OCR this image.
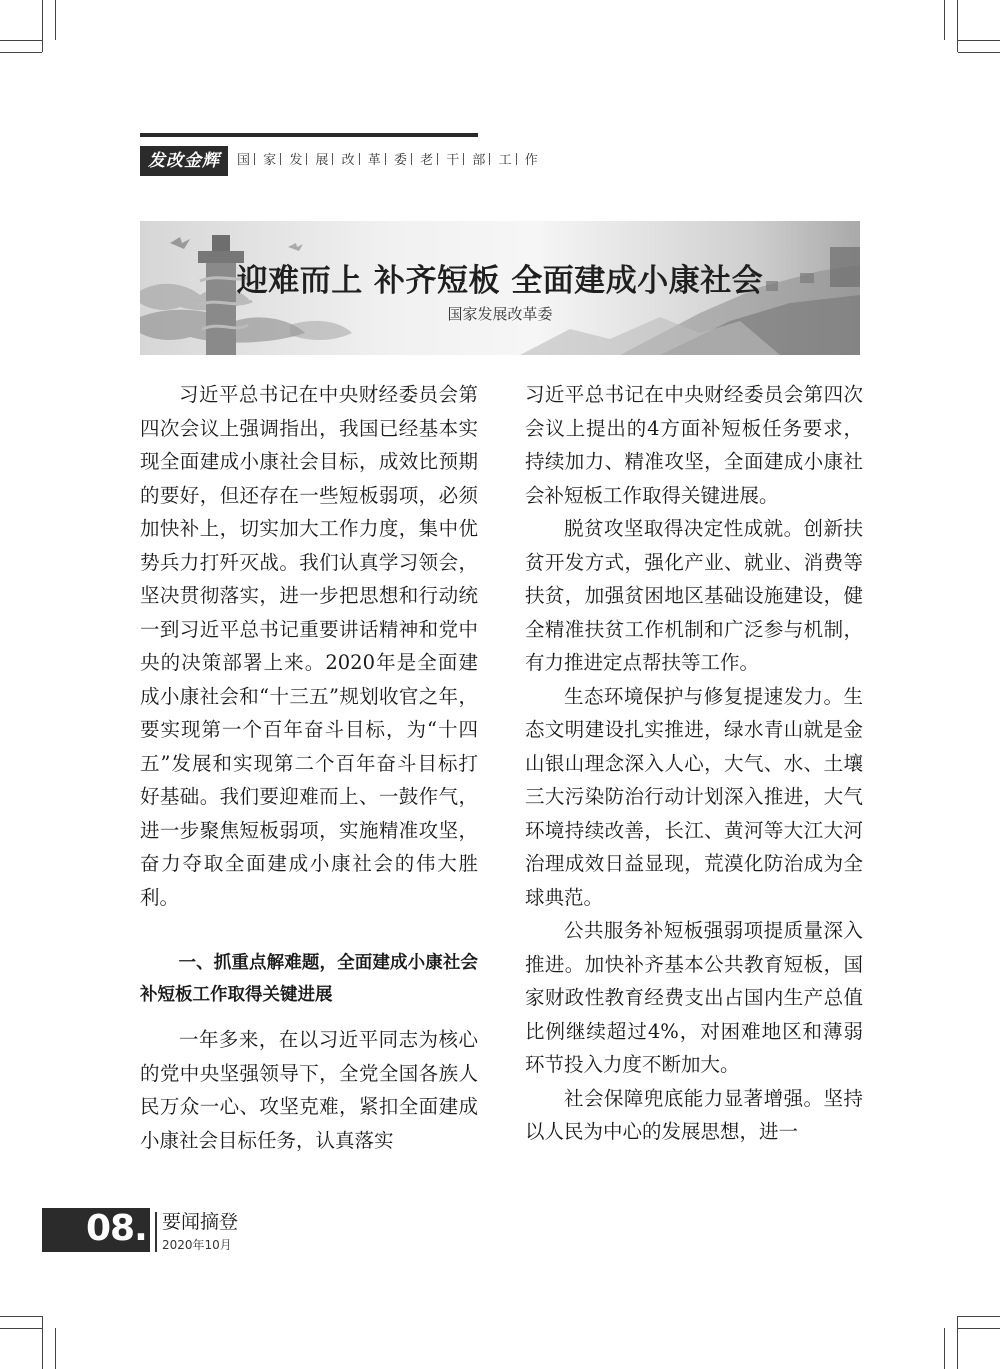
发改金辉	国 家 发 展 改 革 委 老 干 部 工 作
迎难而上 补齐短板 全面建成小康社会
国家发展改革委

习近平总书记在中央财经委员会第四次会议上强调指出，我国已经基本实现全面建成小康社会目标，成效比预期的要好，但还存在一些短板弱项，必须加快补上，切实加大工作力度，集中优势兵力打歼灭战。我们认真学习领会，坚决贯彻落实，进一步把思想和行动统一到习近平总书记重要讲话精神和党中央的决策部署上来。2020年是全面建成小康社会和“十三五”规划收官之年，要实现第一个百年奋斗目标，为“十四五”发展和实现第二个百年奋斗目标打好基础。我们要迎难而上、一鼓作气，进一步聚焦短板弱项，实施精准攻坚，奋力夺取全面建成小康社会的伟大胜利。

一、抓重点解难题，全面建成小康社会补短板工作取得关键进展

一年多来，在以习近平同志为核心的党中央坚强领导下，全党全国各族人民万众一心、攻坚克难，紧扣全面建成小康社会目标任务，认真落实

习近平总书记在中央财经委员会第四次会议上提出的4方面补短板任务要求，持续加力、精准攻坚，全面建成小康社会补短板工作取得关键进展。

脱贫攻坚取得决定性成就。创新扶贫开发方式，强化产业、就业、消费等扶贫，加强贫困地区基础设施建设，健全精准扶贫工作机制和广泛参与机制，有力推进定点帮扶等工作。

生态环境保护与修复提速发力。生态文明建设扎实推进，绿水青山就是金山银山理念深入人心，大气、水、土壤三大污染防治行动计划深入推进，大气环境持续改善，长江、黄河等大江大河治理成效日益显现，荒漠化防治成为全球典范。

公共服务补短板强弱项提质量深入推进。加快补齐基本公共教育短板，国家财政性教育经费支出占国内生产总值比例继续超过4%，对困难地区和薄弱环节投入力度不断加大。

社会保障兜底能力显著增强。坚持以人民为中心的发展思想，进一

08. 要闻摘登
2020年10月
